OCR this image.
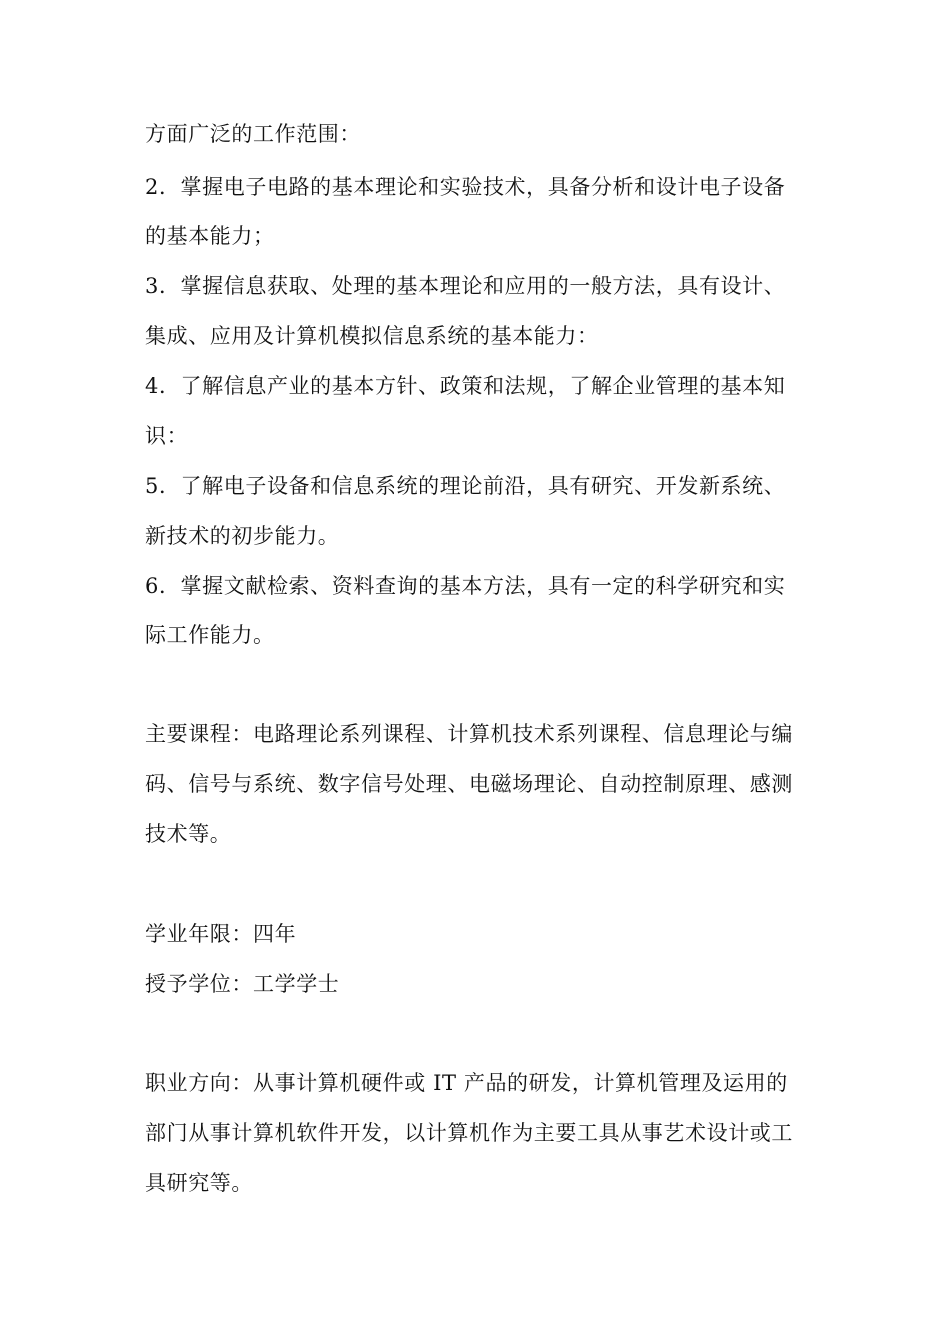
方面广泛的工作范围：
2．掌握电子电路的基本理论和实验技术，具备分析和设计电子设备
的基本能力；
3．掌握信息获取、处理的基本理论和应用的一般方法，具有设计、
集成、应用及计算机模拟信息系统的基本能力：
4．了解信息产业的基本方针、政策和法规，了解企业管理的基本知
识：
5．了解电子设备和信息系统的理论前沿，具有研究、开发新系统、
新技术的初步能力。
6．掌握文献检索、资料查询的基本方法，具有一定的科学研究和实
际工作能力。
主要课程：电路理论系列课程、计算机技术系列课程、信息理论与编
码、信号与系统、数字信号处理、电磁场理论、自动控制原理、感测
技术等。
学业年限：四年
授予学位：工学学士
职业方向：从事计算机硬件或 IT 产品的研发，计算机管理及运用的
部门从事计算机软件开发，以计算机作为主要工具从事艺术设计或工
具研究等。
